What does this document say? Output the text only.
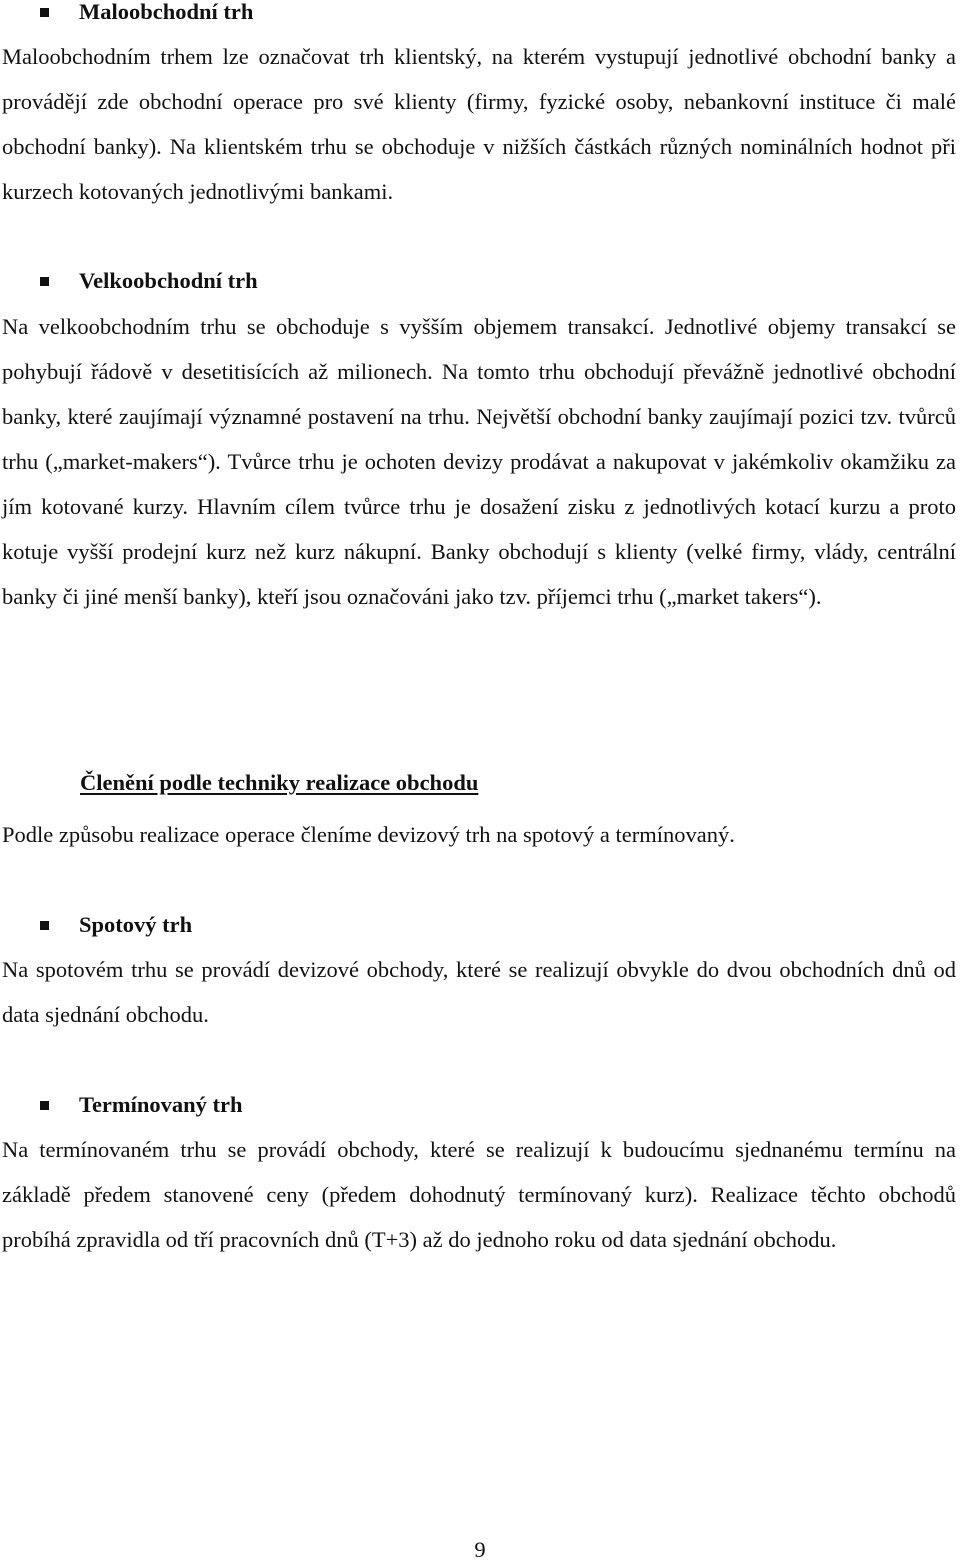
Maloobchodní trh

Maloobchodním trhem lze označovat trh klientský, na kterém vystupují jednotlivé obchodní banky a provádějí zde obchodní operace pro své klienty (firmy, fyzické osoby, nebankovní instituce či malé obchodní banky). Na klientském trhu se obchoduje v nižších částkách různých nominálních hodnot při kurzech kotovaných jednotlivými bankami.

Velkoobchodní trh

Na velkoobchodním trhu se obchoduje s vyšším objemem transakcí. Jednotlivé objemy transakcí se pohybují řádově v desetitisících až milionech. Na tomto trhu obchodují převážně jednotlivé obchodní banky, které zaujímají významné postavení na trhu. Největší obchodní banky zaujímají pozici tzv. tvůrců trhu („market-makers“). Tvůrce trhu je ochoten devizy prodávat a nakupovat v jakémkoliv okamžiku za jím kotované kurzy. Hlavním cílem tvůrce trhu je dosažení zisku z jednotlivých kotací kurzu a proto kotuje vyšší prodejní kurz než kurz nákupní. Banky obchodují s klienty (velké firmy, vlády, centrální banky či jiné menší banky), kteří jsou označováni jako tzv. příjemci trhu („market takers“).

Členění podle techniky realizace obchodu

Podle způsobu realizace operace členíme devizový trh na spotový a termínovaný.

Spotový trh

Na spotovém trhu se provádí devizové obchody, které se realizují obvykle do dvou obchodních dnů od data sjednání obchodu.

Termínovaný trh

Na termínovaném trhu se provádí obchody, které se realizují k budoucímu sjednanému termínu na základě předem stanovené ceny (předem dohodnutý termínovaný kurz). Realizace těchto obchodů probíhá zpravidla od tří pracovních dnů (T+3) až do jednoho roku od data sjednání obchodu.

9
